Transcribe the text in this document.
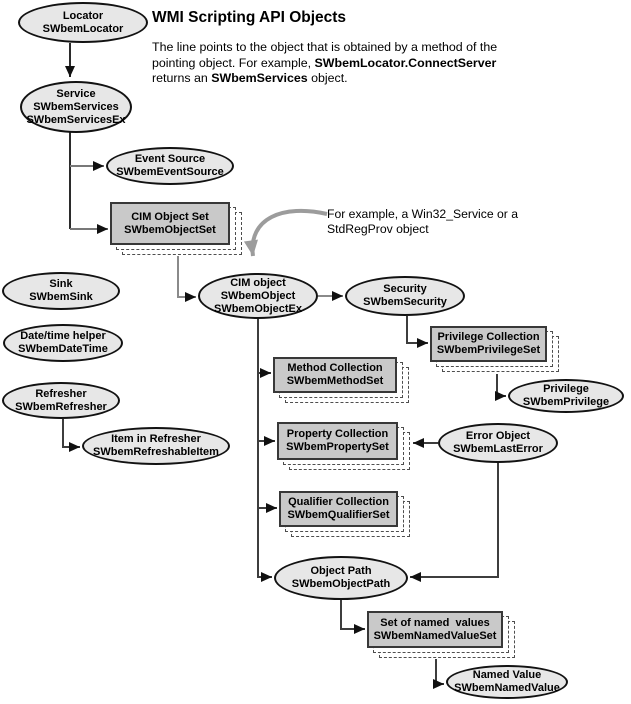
WMI Scripting API Objects
The line points to the object that is obtained by a method of the
pointing object. For example, SWbemLocator.ConnectServer
returns an SWbemServices object.
For example, a Win32_Service or a
StdRegProv object
CIM Object Set
SWbemObjectSet
Privilege Collection
SWbemPrivilegeSet
Method Collection
SWbemMethodSet
Property Collection
SWbemPropertySet
Qualifier Collection
SWbemQualifierSet
Set of named  values
SWbemNamedValueSet
Locator
SWbemLocator
Service
SWbemServices
SWbemServicesEx
Event Source
SWbemEventSource
Sink
SWbemSink
CIM object
SWbemObject
SWbemObjectEx
Security
SWbemSecurity
Date/time helper
SWbemDateTime
Refresher
SWbemRefresher
Privilege
SWbemPrivilege
Item in Refresher
SWbemRefreshableItem
Error Object
SWbemLastError
Object Path
SWbemObjectPath
Named Value
SWbemNamedValue
